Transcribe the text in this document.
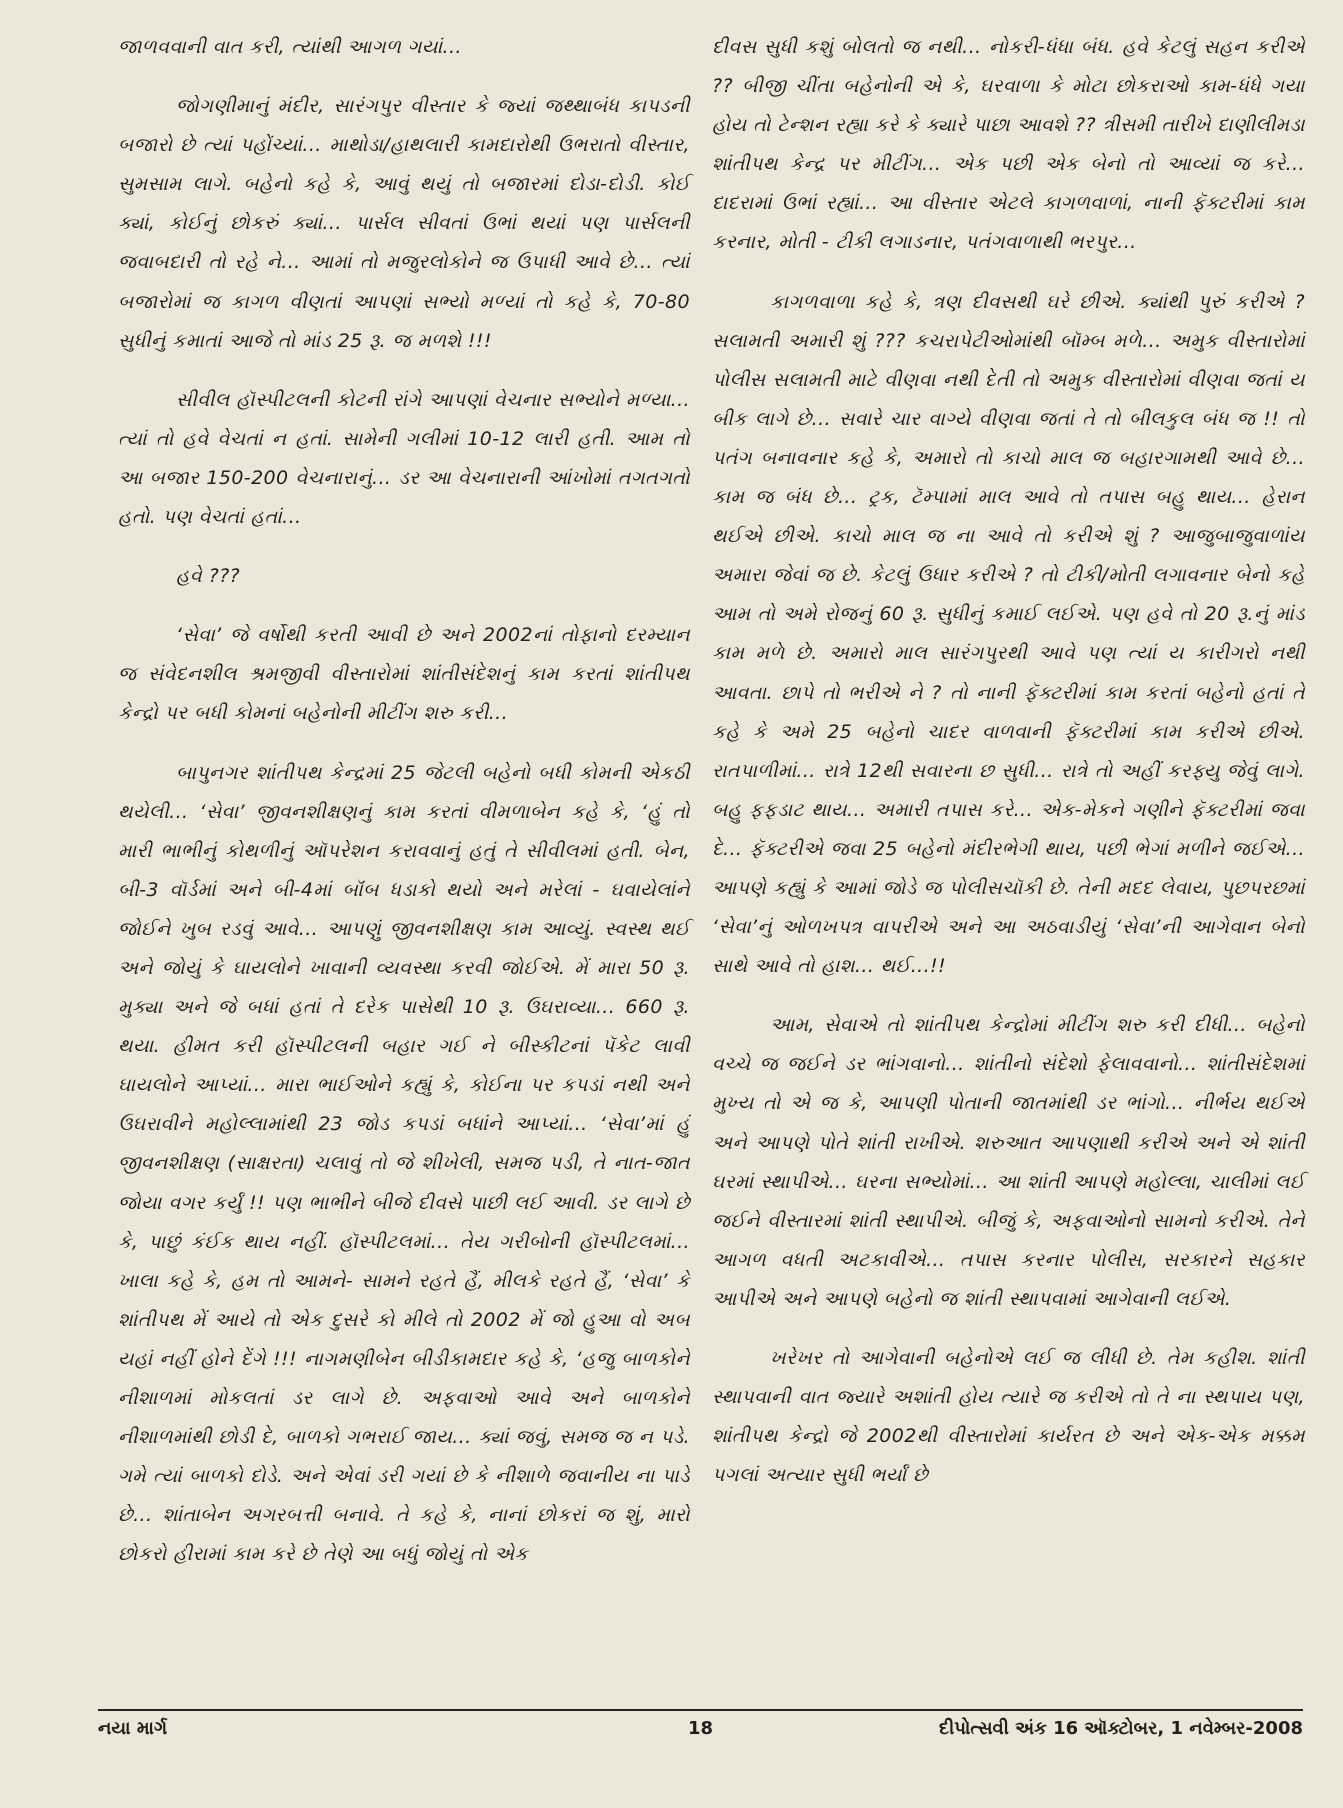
જાળવવાની વાત કરી, ત્યાંથી આગળ ગયાં...

જોગણીમાનું મંદીર, સારંગપુર વીસ્તાર કે જ્યાં જથ્થાબંધ કાપડની બજારો છે ત્યાં પહોંચ્યાં... માથોડા/હાથલારી કામદારોથી ઉભરાતો વીસ્તાર, સુમસામ લાગે. બહેનો કહે કે, આવું થયું તો બજારમાં દોડા-દોડી. કોઈ ક્યાં, કોઈનું છોકરું ક્યાં... પાર્સલ સીવતાં ઉભાં થયાં પણ પાર્સલની જવાબદારી તો રહે ને... આમાં તો મજુરલોકોને જ ઉપાધી આવે છે... ત્યાં બજારોમાં જ કાગળ વીણતાં આપણાં સભ્યો મળ્યાં તો કહે કે, 70-80 સુધીનું કમાતાં આજે તો માંડ 25 રૂ. જ મળશે !!!

સીવીલ હૉસ્પીટલની કોટની રાંગે આપણાં વેચનાર સભ્યોને મળ્યા... ત્યાં તો હવે વેચતાં ન હતાં. સામેની ગલીમાં 10-12 લારી હતી. આમ તો આ બજાર 150-200 વેચનારાનું... ડર આ વેચનારાની આંખોમાં તગતગતો હતો. પણ વેચતાં હતાં...

હવે ???

‘સેવા’ જે વર્ષોથી કરતી આવી છે અને 2002નાં તોફાનો દરમ્યાન જ સંવેદનશીલ શ્રમજીવી વીસ્તારોમાં શાંતીસંદેશનું કામ કરતાં શાંતીપથ કેન્દ્રો પર બધી કોમનાં બહેનોની મીટીંગ શરુ કરી...

બાપુનગર શાંતીપથ કેન્દ્રમાં 25 જેટલી બહેનો બધી કોમની એકઠી થયેલી... ‘સેવા’ જીવનશીક્ષણનું કામ કરતાં વીમળાબેન કહે કે, ‘હું તો મારી ભાભીનું કોથળીનું ઑપરેશન કરાવવાનું હતું તે સીવીલમાં હતી. બેન, બી-3 વૉર્ડમાં અને બી-4માં બૉંબ ધડાકો થયો અને મરેલાં - ઘવાયેલાંને જોઈને ખુબ રડવું આવે... આપણું જીવનશીક્ષણ કામ આવ્યું. સ્વસ્થ થઈ અને જોયું કે ઘાયલોને ખાવાની વ્યવસ્થા કરવી જોઈએ. મેં મારા 50 રૂ. મુક્યા અને જે બધાં હતાં તે દરેક પાસેથી 10 રૂ. ઉઘરાવ્યા... 660 રૂ. થયા. હીમત કરી હૉસ્પીટલની બહાર ગઈ ને બીસ્કીટનાં પૅકેટ લાવી ઘાયલોને આપ્યાં... મારા ભાઈઓને કહ્યું કે, કોઈના પર કપડાં નથી અને ઉઘરાવીને મહોલ્લામાંથી 23 જોડ કપડાં બધાંને આપ્યાં... ‘સેવા’માં હું જીવનશીક્ષણ (સાક્ષરતા) ચલાવું તો જે શીખેલી, સમજ પડી, તે નાત-જાત જોયા વગર કર્યું !! પણ ભાભીને બીજે દીવસે પાછી લઈ આવી. ડર લાગે છે કે, પાછું કંઈક થાય નહીં. હૉસ્પીટલમાં... તેય ગરીબોની હૉસ્પીટલમાં... ખાલા કહે કે, હમ તો આમને- સામને રહતે હૈં, મીલકે રહતે હૈં, ‘સેવા’ કે શાંતીપથ મેં આયે તો એક દુસરે કો મીલે તો 2002 મેં જો હુઆ વો અબ યહાં નહીં હોને દેંગે !!! નાગમણીબેન બીડીકામદાર કહે કે, ‘હજુ બાળકોને નીશાળમાં મોકલતાં ડર લાગે છે. અફવાઓ આવે અને બાળકોને નીશાળમાંથી છોડી દે, બાળકો ગભરાઈ જાય... ક્યાં જવું, સમજ જ ન પડે. ગમે ત્યાં બાળકો દોડે. અને એવાં ડરી ગયાં છે કે નીશાળે જવાનીય ના પાડે છે... શાંતાબેન અગરબત્તી બનાવે. તે કહે કે, નાનાં છોકરાં જ શું, મારો છોકરો હીરામાં કામ કરે છે તેણે આ બધું જોયું તો એક

દીવસ સુધી કશું બોલતો જ નથી... નોકરી-ધંધા બંધ. હવે કેટલું સહન કરીએ ?? બીજી ચીંતા બહેનોની એ કે, ઘરવાળા કે મોટા છોકરાઓ કામ-ધંધે ગયા હોય તો ટેન્શન રહ્યા કરે કે ક્યારે પાછા આવશે ?? ત્રીસમી તારીખે દાણીલીમડા શાંતીપથ કેન્દ્ર પર મીટીંગ... એક પછી એક બેનો તો આવ્યાં જ કરે... દાદરામાં ઉભાં રહ્યાં... આ વીસ્તાર એટલે કાગળવાળાં, નાની ફૅક્ટરીમાં કામ કરનાર, મોતી - ટીકી લગાડનાર, પતંગવાળાથી ભરપુર...

કાગળવાળા કહે કે, ત્રણ દીવસથી ઘરે છીએ. ક્યાંથી પુરું કરીએ ? સલામતી અમારી શું ??? કચરાપેટીઓમાંથી બૉમ્બ મળે... અમુક વીસ્તારોમાં પોલીસ સલામતી માટે વીણવા નથી દેતી તો અમુક વીસ્તારોમાં વીણવા જતાં ય બીક લાગે છે... સવારે ચાર વાગ્યે વીણવા જતાં તે તો બીલકુલ બંધ જ !! તો પતંગ બનાવનાર કહે કે, અમારો તો કાચો માલ જ બહારગામથી આવે છે... કામ જ બંધ છે... ટ્રક, ટૅમ્પામાં માલ આવે તો તપાસ બહુ થાય... હેરાન થઈએ છીએ. કાચો માલ જ ના આવે તો કરીએ શું ? આજુબાજુવાળાંય અમારા જેવાં જ છે. કેટલું ઉધાર કરીએ ? તો ટીકી/મોતી લગાવનાર બેનો કહે આમ તો અમે રોજનું 60 રૂ. સુધીનું કમાઈ લઈએ. પણ હવે તો 20 રૂ.નું માંડ કામ મળે છે. અમારો માલ સારંગપુરથી આવે પણ ત્યાં ય કારીગરો નથી આવતા. છાપે તો ભરીએ ને ? તો નાની ફૅક્ટરીમાં કામ કરતાં બહેનો હતાં તે કહે કે અમે 25 બહેનો ચાદર વાળવાની ફૅક્ટરીમાં કામ કરીએ છીએ. રાતપાળીમાં... રાત્રે 12થી સવારના છ સુધી... રાત્રે તો અહીં કરફ્યુ જેવું લાગે. બહુ ફફડાટ થાય... અમારી તપાસ કરે... એક-મેકને ગણીને ફૅક્ટરીમાં જવા દે... ફૅક્ટરીએ જવા 25 બહેનો મંદીરભેગી થાય, પછી ભેગાં મળીને જઈએ... આપણે કહ્યું કે આમાં જોડે જ પોલીસચૉકી છે. તેની મદદ લેવાય, પુછપરછમાં ‘સેવા’નું ઓળખપત્ર વાપરીએ અને આ અઠવાડીયું ‘સેવા’ની આગેવાન બેનો સાથે આવે તો હાશ... થઈ...!!

આમ, સેવાએ તો શાંતીપથ કેન્દ્રોમાં મીટીંગ શરુ કરી દીધી... બહેનો વચ્ચે જ જઈને ડર ભાંગવાનો... શાંતીનો સંદેશો ફેલાવવાનો... શાંતીસંદેશમાં મુખ્ય તો એ જ કે, આપણી પોતાની જાતમાંથી ડર ભાંગો... નીર્ભય થઈએ અને આપણે પોતે શાંતી રાખીએ. શરુઆત આપણાથી કરીએ અને એ શાંતી ઘરમાં સ્થાપીએ... ઘરના સભ્યોમાં... આ શાંતી આપણે મહોલ્લા, ચાલીમાં લઈ જઈને વીસ્તારમાં શાંતી સ્થાપીએ. બીજું કે, અફવાઓનો સામનો કરીએ. તેને આગળ વધતી અટકાવીએ... તપાસ કરનાર પોલીસ, સરકારને સહકાર આપીએ અને આપણે બહેનો જ શાંતી સ્થાપવામાં આગેવાની લઈએ.

ખરેખર તો આગેવાની બહેનોએ લઈ જ લીધી છે. તેમ કહીશ. શાંતી સ્થાપવાની વાત જ્યારે અશાંતી હોય ત્યારે જ કરીએ તો તે ના સ્થપાય પણ, શાંતીપથ કેન્દ્રો જે 2002થી વીસ્તારોમાં કાર્યરત છે અને એક-એક મક્કમ પગલાં અત્યાર સુધી ભર્યાં છે

નયા માર્ગ	18	દીપોત્સવી અંક 16 ઑક્ટોબર, 1 નવેમ્બર-2008
